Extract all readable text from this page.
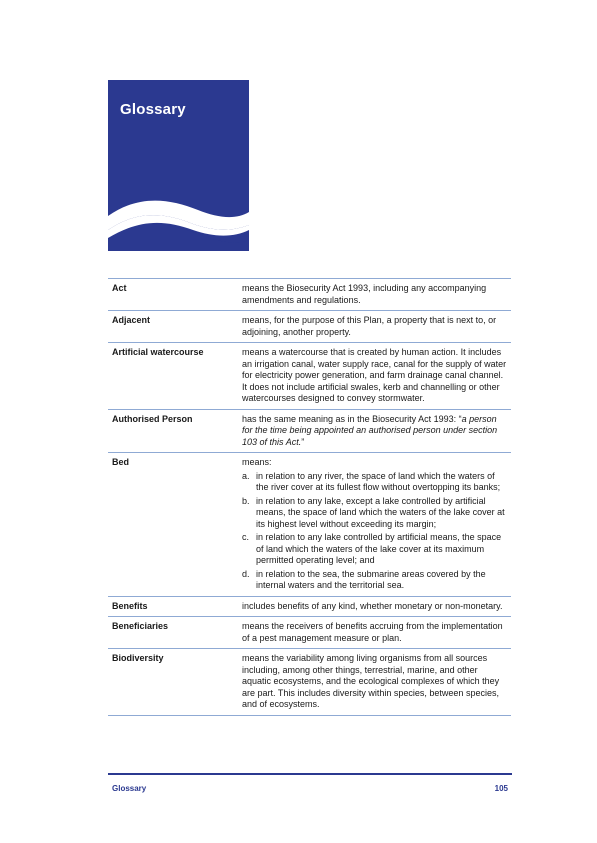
Glossary
Act	means the Biosecurity Act 1993, including any accompanying amendments and regulations.
Adjacent	means, for the purpose of this Plan, a property that is next to, or adjoining, another property.
Artificial watercourse	means a watercourse that is created by human action. It includes an irrigation canal, water supply race, canal for the supply of water for electricity power generation, and farm drainage canal channel. It does not include artificial swales, kerb and channelling or other watercourses designed to convey stormwater.
Authorised Person	has the same meaning as in the Biosecurity Act 1993: “a person for the time being appointed an authorised person under section 103 of this Act.”
Bed	means:
a. in relation to any river, the space of land which the waters of the river cover at its fullest flow without overtopping its banks;
b. in relation to any lake, except a lake controlled by artificial means, the space of land which the waters of the lake cover at its highest level without exceeding its margin;
c. in relation to any lake controlled by artificial means, the space of land which the waters of the lake cover at its maximum permitted operating level; and
d. in relation to the sea, the submarine areas covered by the internal waters and the territorial sea.
Benefits	includes benefits of any kind, whether monetary or non-monetary.
Beneficiaries	means the receivers of benefits accruing from the implementation of a pest management measure or plan.
Biodiversity	means the variability among living organisms from all sources including, among other things, terrestrial, marine, and other aquatic ecosystems, and the ecological complexes of which they are part. This includes diversity within species, between species, and of ecosystems.
Glossary	105
